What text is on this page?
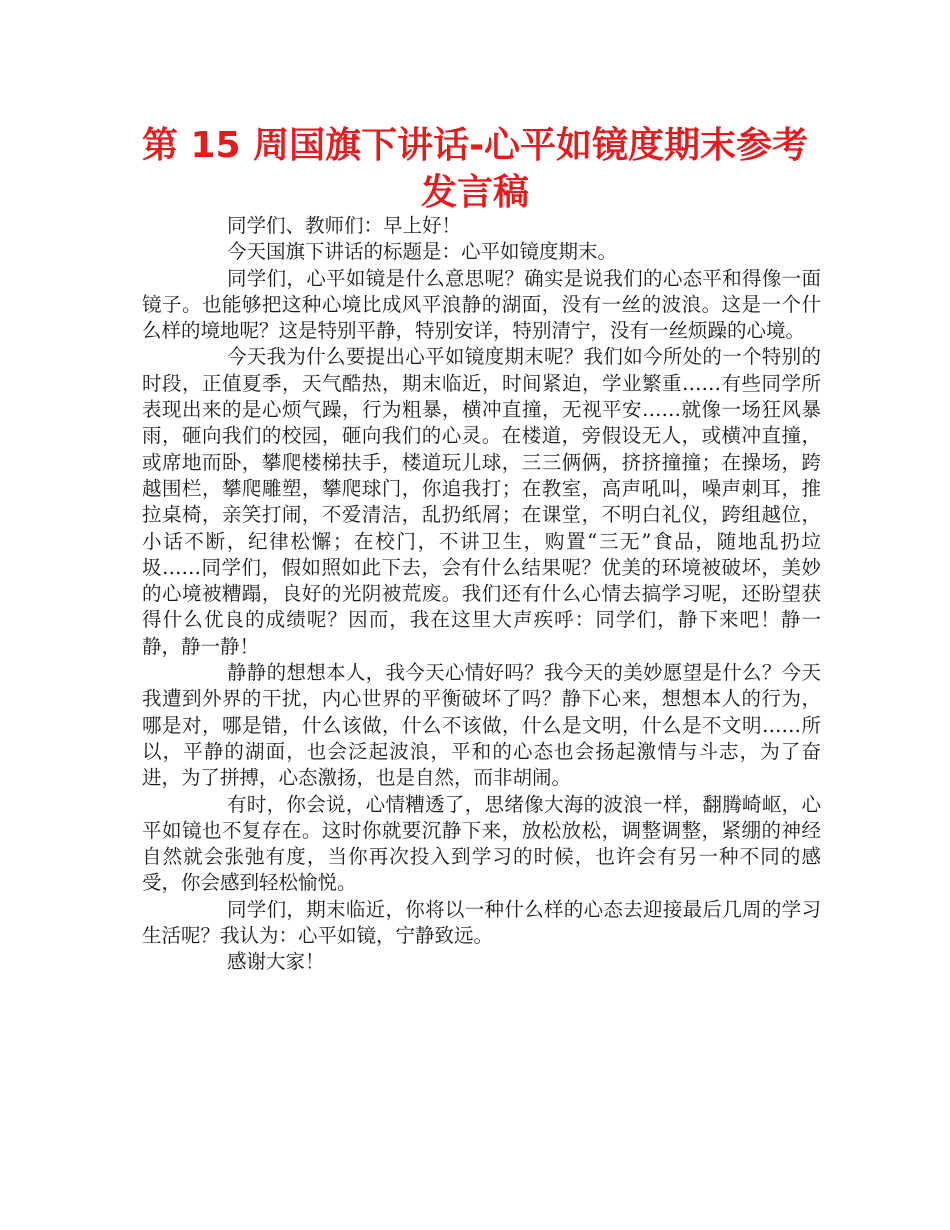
第 15 周国旗下讲话-心平如镜度期末参考发言稿

同学们、教师们：早上好！

今天国旗下讲话的标题是：心平如镜度期末。

同学们，心平如镜是什么意思呢？确实是说我们的心态平和得像一面镜子。也能够把这种心境比成风平浪静的湖面，没有一丝的波浪。这是一个什么样的境地呢？这是特别平静，特别安详，特别清宁，没有一丝烦躁的心境。

今天我为什么要提出心平如镜度期末呢？我们如今所处的一个特别的时段，正值夏季，天气酷热，期末临近，时间紧迫，学业繁重……有些同学所表现出来的是心烦气躁，行为粗暴，横冲直撞，无视平安……就像一场狂风暴雨，砸向我们的校园，砸向我们的心灵。在楼道，旁假设无人，或横冲直撞，或席地而卧，攀爬楼梯扶手，楼道玩儿球，三三俩俩，挤挤撞撞；在操场，跨越围栏，攀爬雕塑，攀爬球门，你追我打；在教室，高声吼叫，噪声刺耳，推拉桌椅，亲笑打闹，不爱清洁，乱扔纸屑；在课堂，不明白礼仪，跨组越位，小话不断，纪律松懈；在校门，不讲卫生，购置“三无”食品，随地乱扔垃圾……同学们，假如照如此下去，会有什么结果呢？优美的环境被破坏，美妙的心境被糟蹋，良好的光阴被荒废。我们还有什么心情去搞学习呢，还盼望获得什么优良的成绩呢？因而，我在这里大声疾呼：同学们，静下来吧！静一静，静一静！

静静的想想本人，我今天心情好吗？我今天的美妙愿望是什么？今天我遭到外界的干扰，内心世界的平衡破坏了吗？静下心来，想想本人的行为，哪是对，哪是错，什么该做，什么不该做，什么是文明，什么是不文明……所以，平静的湖面，也会泛起波浪，平和的心态也会扬起激情与斗志，为了奋进，为了拼搏，心态激扬，也是自然，而非胡闹。

有时，你会说，心情糟透了，思绪像大海的波浪一样，翻腾崎岖，心平如镜也不复存在。这时你就要沉静下来，放松放松，调整调整，紧绷的神经自然就会张弛有度，当你再次投入到学习的时候，也许会有另一种不同的感受，你会感到轻松愉悦。

同学们，期末临近，你将以一种什么样的心态去迎接最后几周的学习生活呢？我认为：心平如镜，宁静致远。

感谢大家！
